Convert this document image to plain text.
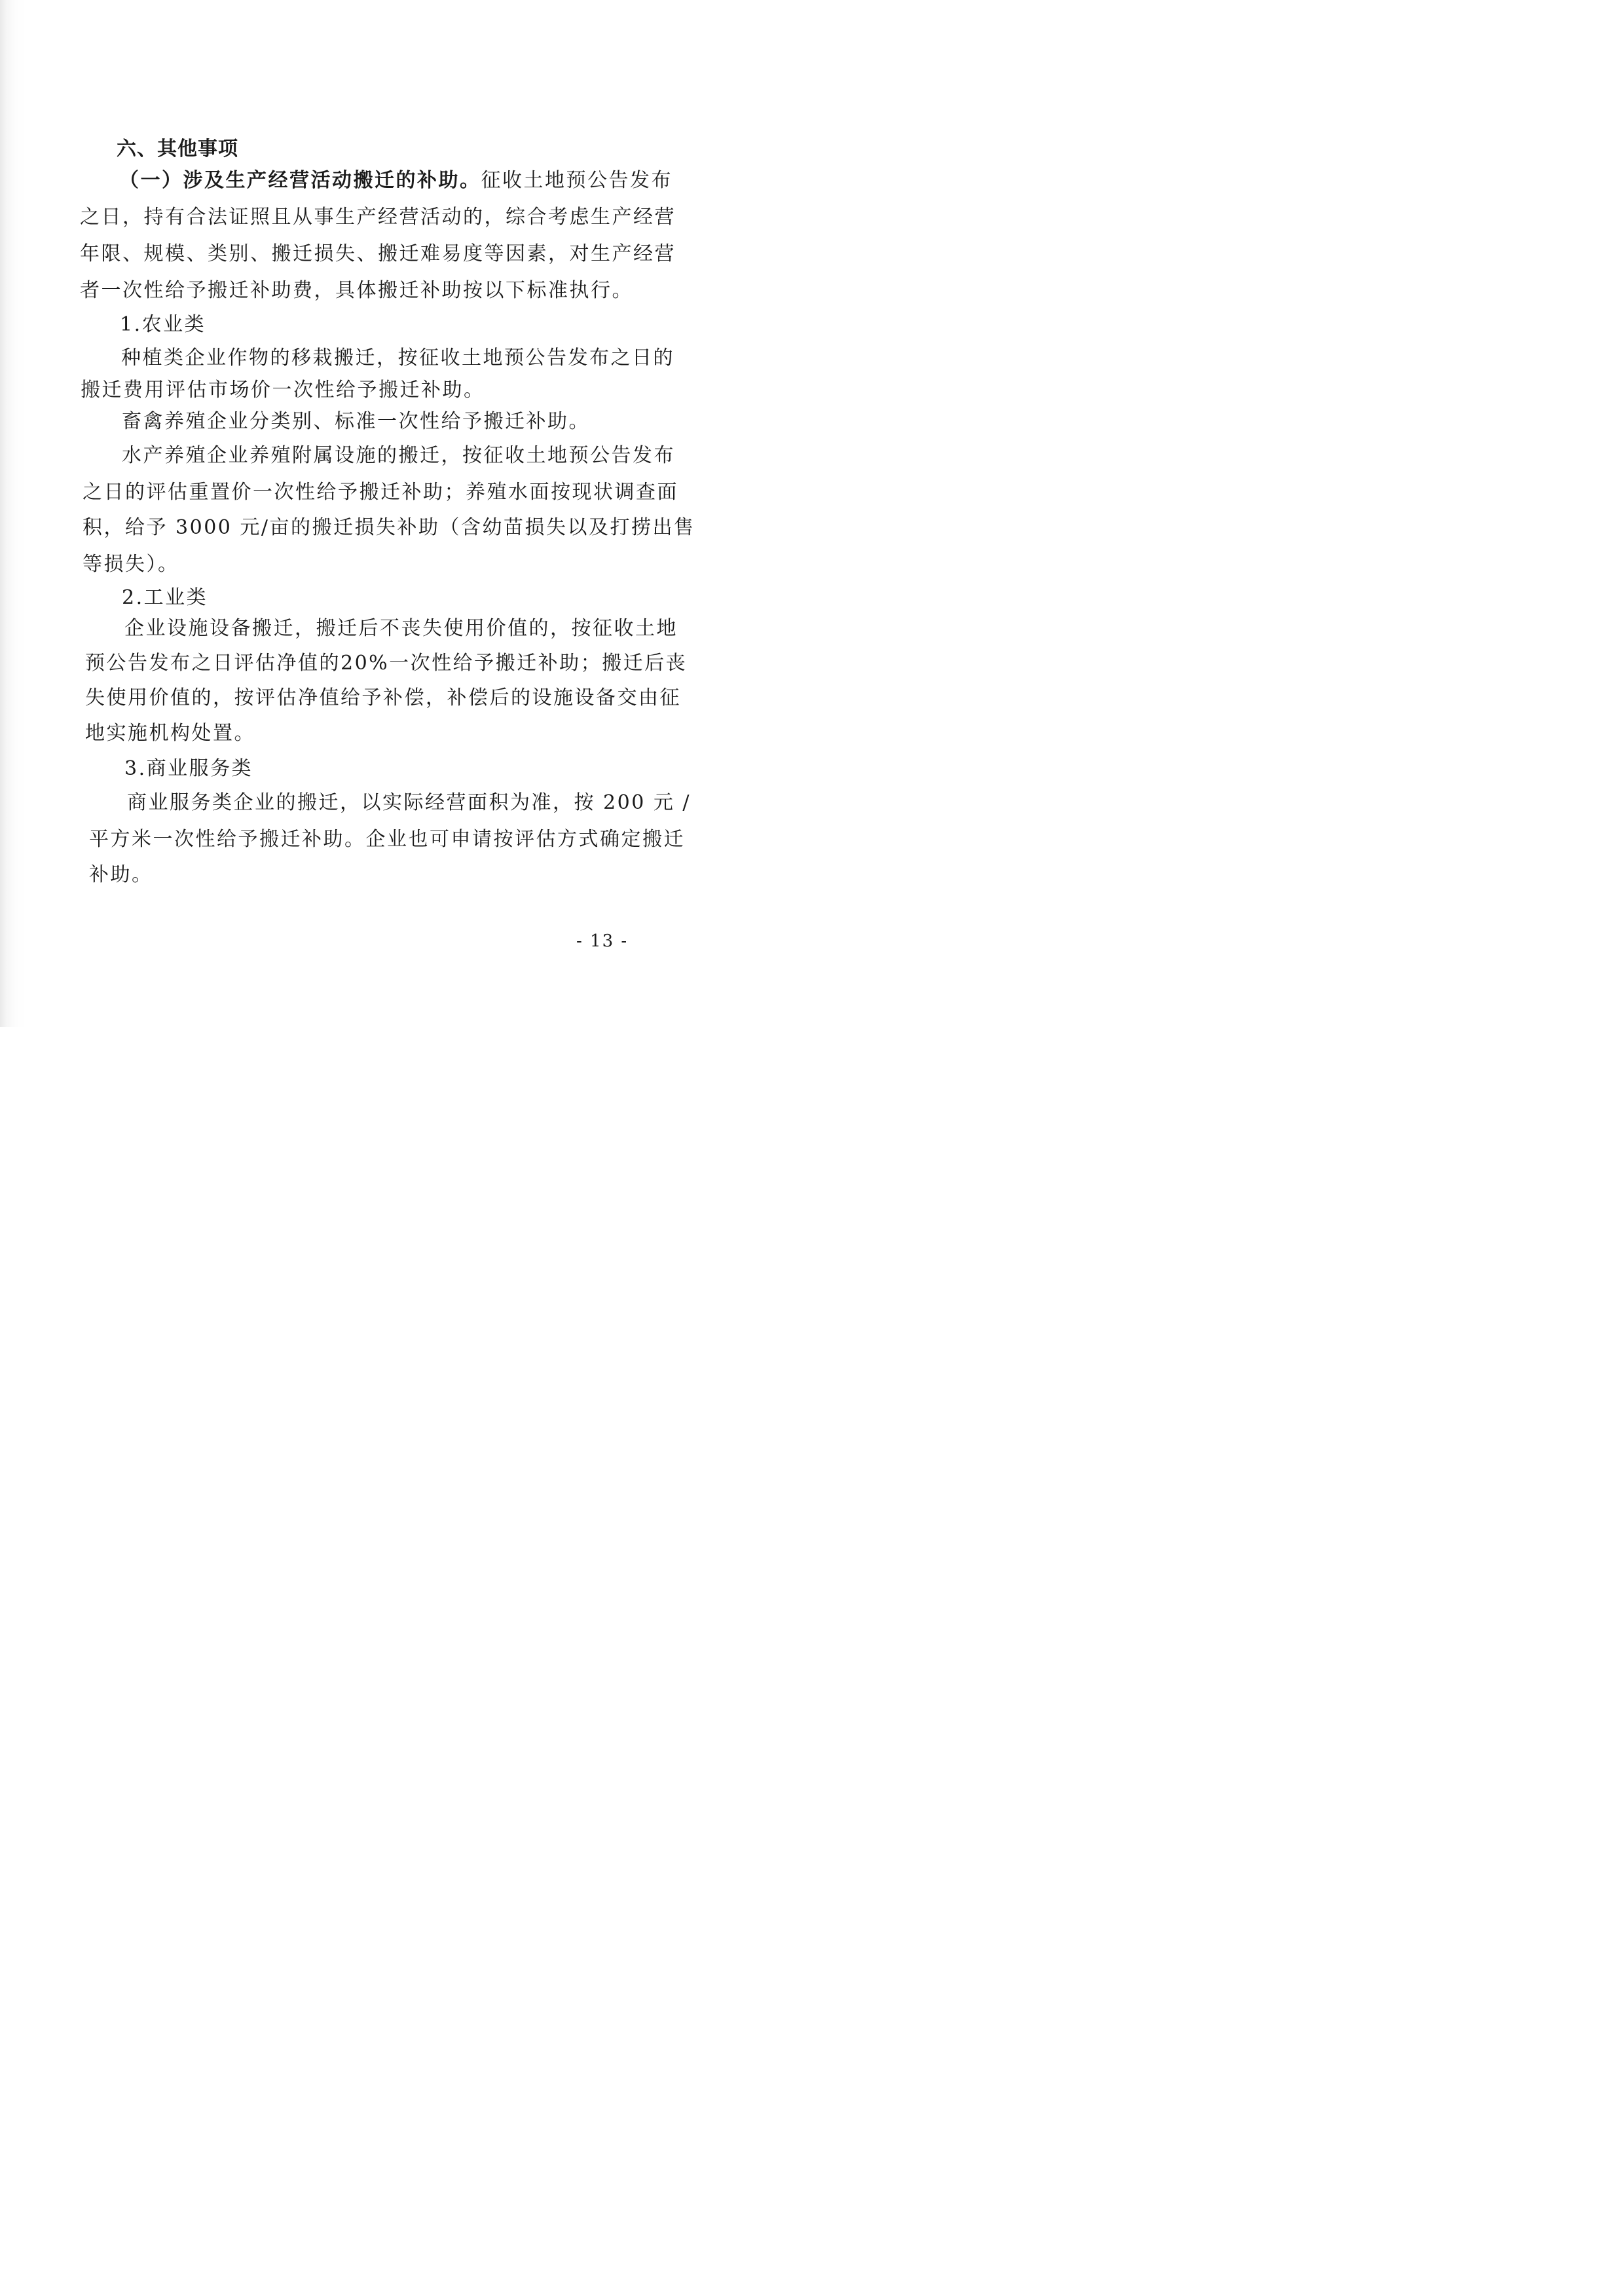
六、其他事项
（一）涉及生产经营活动搬迁的补助。征收土地预公告发布
之日，持有合法证照且从事生产经营活动的，综合考虑生产经营
年限、规模、类别、搬迁损失、搬迁难易度等因素，对生产经营
者一次性给予搬迁补助费，具体搬迁补助按以下标准执行。
1.农业类
种植类企业作物的移栽搬迁，按征收土地预公告发布之日的
搬迁费用评估市场价一次性给予搬迁补助。
畜禽养殖企业分类别、标准一次性给予搬迁补助。
水产养殖企业养殖附属设施的搬迁，按征收土地预公告发布
之日的评估重置价一次性给予搬迁补助；养殖水面按现状调查面
积，给予 3000 元/亩的搬迁损失补助（含幼苗损失以及打捞出售
等损失）。
2.工业类
企业设施设备搬迁，搬迁后不丧失使用价值的，按征收土地
预公告发布之日评估净值的20%一次性给予搬迁补助；搬迁后丧
失使用价值的，按评估净值给予补偿，补偿后的设施设备交由征
地实施机构处置。
3.商业服务类
商业服务类企业的搬迁，以实际经营面积为准，按 200 元 /
平方米一次性给予搬迁补助。企业也可申请按评估方式确定搬迁
补助。
- 13 -
